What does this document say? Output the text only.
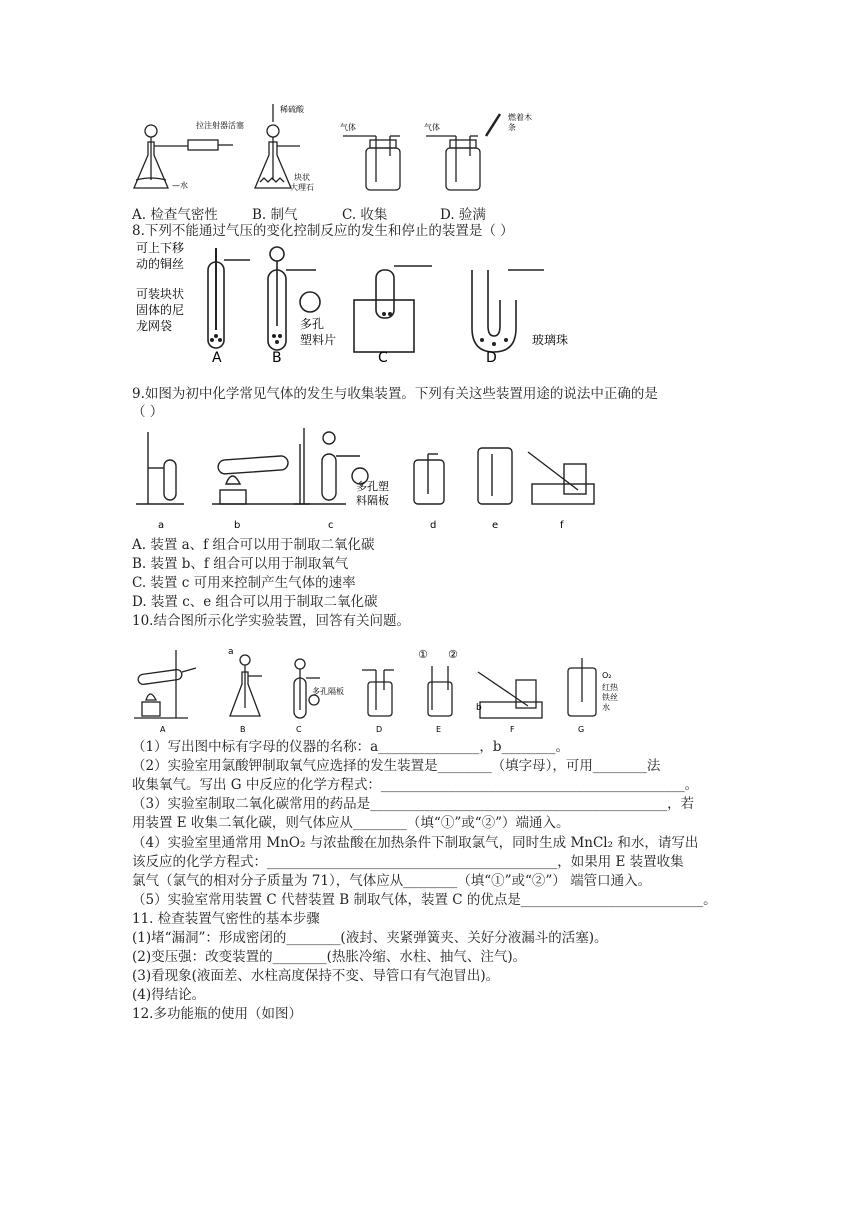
拉注射器活塞
—水
稀硫酸
块状
大理石
气体	气体
燃着木
条
A. 检查气密性	B. 制气	C. 收集	D. 验满
8.下列不能通过气压的变化控制反应的发生和停止的装置是（ ）
可上下移
动的铜丝
可装块状
固体的尼
龙网袋	多孔
塑料片	玻璃珠
A	B	C	D
9.如图为初中化学常见气体的发生与收集装置。下列有关这些装置用途的说法中正确的是
（ ）
多孔塑
料隔板
a	b	c	d	e	f
A. 装置 a、f 组合可以用于制取二氧化碳
B. 装置 b、f 组合可以用于制取氧气
C. 装置 c 可用来控制产生气体的速率
D. 装置 c、e 组合可以用于制取二氧化碳
10.结合图所示化学实验装置，回答有关问题。
a
多孔隔板
① ②
b
O₂
红热
铁丝
水
A	B	C	D	E	F	G
（1）写出图中标有字母的仪器的名称：a_______________，b________。
（2）实验室用氯酸钾制取氧气应选择的发生装置是________（填字母），可用________法
收集氧气。写出 G 中反应的化学方程式：_____________________________________________。
（3）实验室制取二氧化碳常用的药品是____________________________________________，若
用装置 E 收集二氧化碳，则气体应从________（填“①”或“②”）端通入。
（4）实验室里通常用 MnO₂ 与浓盐酸在加热条件下制取氯气，同时生成 MnCl₂ 和水，请写出
该反应的化学方程式：___________________________________________，如果用 E 装置收集
氯气（氯气的相对分子质量为 71），气体应从________（填“①”或“②”） 端管口通入。
（5）实验室常用装置 C 代替装置 B 制取气体，装置 C 的优点是___________________________。
11. 检查装置气密性的基本步骤
(1)堵“漏洞”：形成密闭的________(液封、夹紧弹簧夹、关好分液漏斗的活塞)。
(2)变压强：改变装置的________(热胀冷缩、水柱、抽气、注气)。
(3)看现象(液面差、水柱高度保持不变、导管口有气泡冒出)。
(4)得结论。
12.多功能瓶的使用（如图）
